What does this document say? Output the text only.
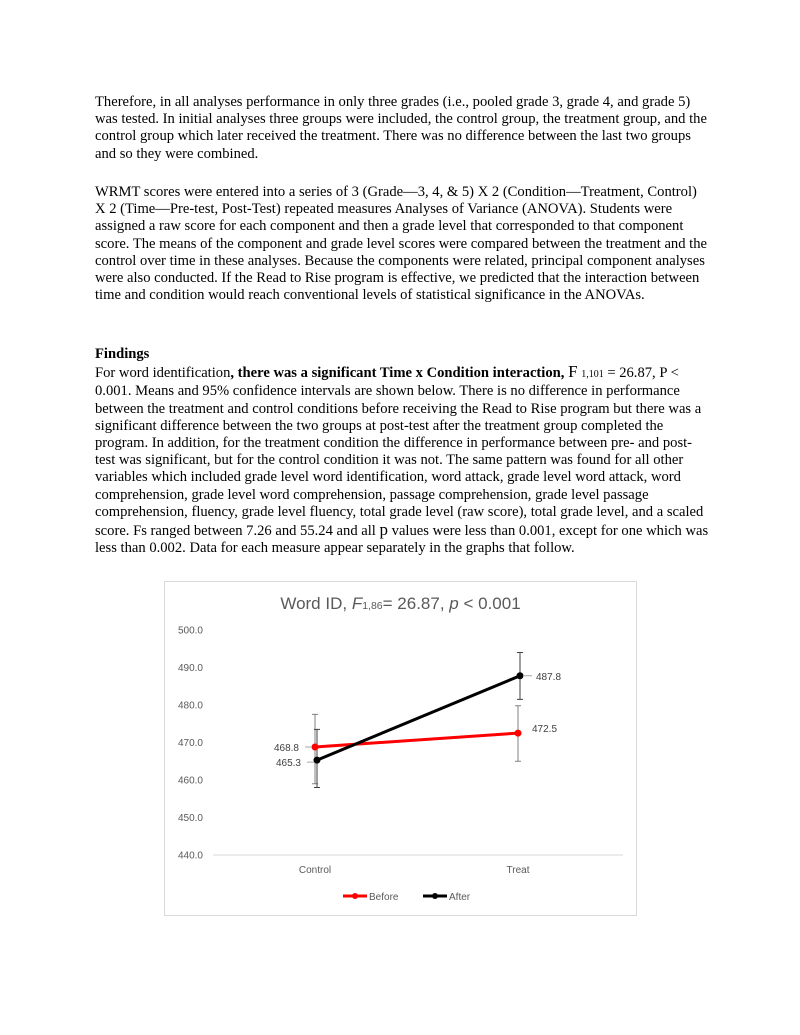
Therefore, in all analyses performance in only three grades (i.e., pooled grade 3, grade 4, and grade 5) was tested. In initial analyses three groups were included, the control group, the treatment group, and the control group which later received the treatment. There was no difference between the last two groups and so they were combined.

WRMT scores were entered into a series of 3 (Grade—3, 4, & 5) X 2 (Condition—Treatment, Control) X 2 (Time—Pre-test, Post-Test) repeated measures Analyses of Variance (ANOVA). Students were assigned a raw score for each component and then a grade level that corresponded to that component score. The means of the component and grade level scores were compared between the treatment and the control over time in these analyses. Because the components were related, principal component analyses were also conducted. If the Read to Rise program is effective, we predicted that the interaction between time and condition would reach conventional levels of statistical significance in the ANOVAs.

Findings

For word identification, there was a significant Time x Condition interaction, F 1,101 = 26.87, P < 0.001. Means and 95% confidence intervals are shown below. There is no difference in performance between the treatment and control conditions before receiving the Read to Rise program but there was a significant difference between the two groups at post-test after the treatment group completed the program. In addition, for the treatment condition the difference in performance between pre- and post-test was significant, but for the control condition it was not. The same pattern was found for all other variables which included grade level word identification, word attack, grade level word attack, word comprehension, grade level word comprehension, passage comprehension, grade level passage comprehension, fluency, grade level fluency, total grade level (raw score), total grade level, and a scaled score. Fs ranged between 7.26 and 55.24 and all p values were less than 0.001, except for one which was less than 0.002. Data for each measure appear separately in the graphs that follow.

Word ID, F1,86= 26.87, p < 0.001
440.0
450.0
460.0
470.0
480.0
490.0
500.0
Control	Treat
468.8
472.5
465.3
487.8
Before	After
